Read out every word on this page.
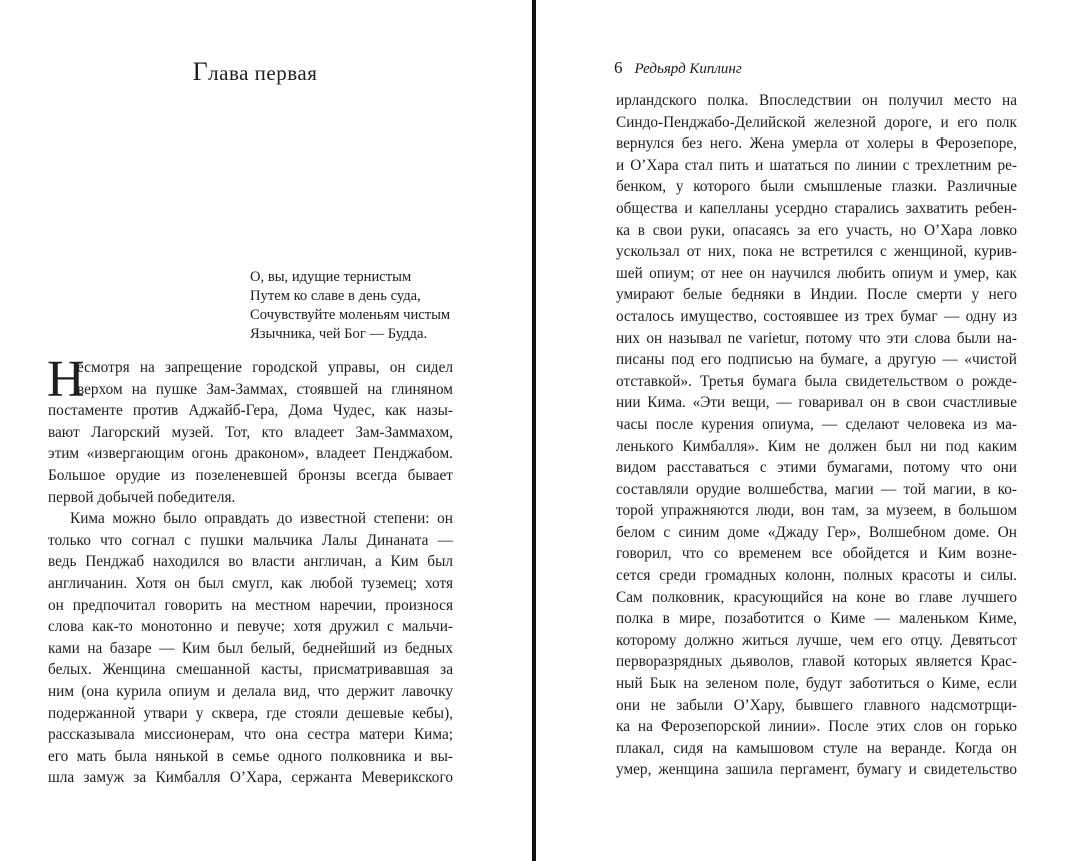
Глава первая
О, вы, идущие тернистым
Путем ко славе в день суда,
Сочувствуйте моленьям чистым
Язычника, чей Бог — Будда.
Н
есмотря на запрещение городской управы, он сидел
верхом на пушке Зам-Заммах, стоявшей на глиняном
постаменте против Аджайб-Гера, Дома Чудес, как назы-
вают Лагорский музей. Тот, кто владеет Зам-Заммахом,
этим «извергающим огонь драконом», владеет Пенджабом.
Большое орудие из позеленевшей бронзы всегда бывает
первой добычей победителя.
Кима можно было оправдать до известной степени: он
только что согнал с пушки мальчика Лалы Динаната —
ведь Пенджаб находился во власти англичан, а Ким был
англичанин. Хотя он был смугл, как любой туземец; хотя
он предпочитал говорить на местном наречии, произнося
слова как-то монотонно и певуче; хотя дружил с мальчи-
ками на базаре — Ким был белый, беднейший из бедных
белых. Женщина смешанной касты, присматривавшая за
ним (она курила опиум и делала вид, что держит лавочку
подержанной утвари у сквера, где стояли дешевые кебы),
рассказывала миссионерам, что она сестра матери Кима;
его мать была нянькой в семье одного полковника и вы-
шла замуж за Кимбалля О’Хара, сержанта Меверикского
6 Редьярд Киплинг
ирландского полка. Впоследствии он получил место на
Синдо-Пенджабо-Делийской железной дороге, и его полк
вернулся без него. Жена умерла от холеры в Ферозепоре,
и О’Хара стал пить и шататься по линии с трехлетним ре-
бенком, у которого были смышленые глазки. Различные
общества и капелланы усердно старались захватить ребен-
ка в свои руки, опасаясь за его участь, но О’Хара ловко
ускользал от них, пока не встретился с женщиной, курив-
шей опиум; от нее он научился любить опиум и умер, как
умирают белые бедняки в Индии. После смерти у него
осталось имущество, состоявшее из трех бумаг — одну из
них он называл ne varietur, потому что эти слова были на-
писаны под его подписью на бумаге, а другую — «чистой
отставкой». Третья бумага была свидетельством о рожде-
нии Кима. «Эти вещи, — говаривал он в свои счастливые
часы после курения опиума, — сделают человека из ма-
ленького Кимбалля». Ким не должен был ни под каким
видом расставаться с этими бумагами, потому что они
составляли орудие волшебства, магии — той магии, в ко-
торой упражняются люди, вон там, за музеем, в большом
белом с синим доме «Джаду Гер», Волшебном доме. Он
говорил, что со временем все обойдется и Ким возне-
сется среди громадных колонн, полных красоты и силы.
Сам полковник, красующийся на коне во главе лучшего
полка в мире, позаботится о Киме — маленьком Киме,
которому должно житься лучше, чем его отцу. Девятьсот
перворазрядных дьяволов, главой которых является Крас-
ный Бык на зеленом поле, будут заботиться о Киме, если
они не забыли О’Хару, бывшего главного надсмотрщи-
ка на Ферозепорской линии». После этих слов он горько
плакал, сидя на камышовом стуле на веранде. Когда он
умер, женщина зашила пергамент, бумагу и свидетельство
